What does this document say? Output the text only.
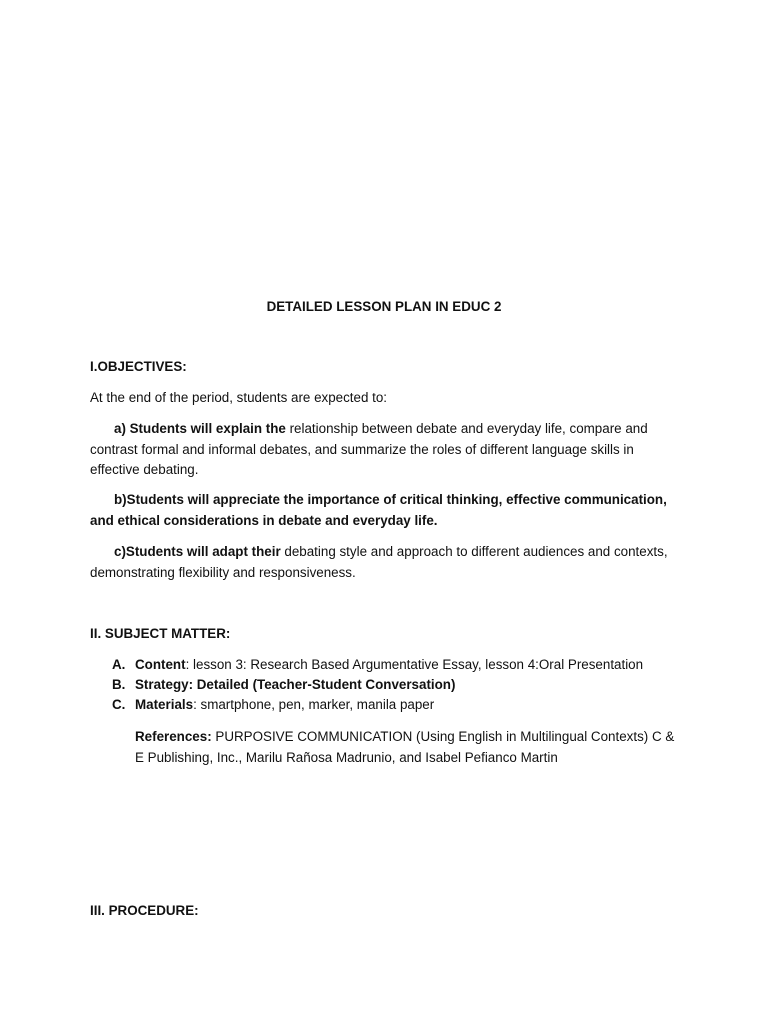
DETAILED LESSON PLAN IN EDUC 2
I.OBJECTIVES:
At the end of the period, students are expected to:
a) Students will explain the relationship between debate and everyday life, compare and contrast formal and informal debates, and summarize the roles of different language skills in effective debating.
b)Students will appreciate the importance of critical thinking, effective communication, and ethical considerations in debate and everyday life.
c)Students will adapt their debating style and approach to different audiences and contexts, demonstrating flexibility and responsiveness.
II. SUBJECT MATTER:
A. Content: lesson 3: Research Based Argumentative Essay, lesson 4:Oral Presentation
B. Strategy: Detailed (Teacher-Student Conversation)
C. Materials: smartphone, pen, marker, manila paper
References: PURPOSIVE COMMUNICATION (Using English in Multilingual Contexts) C & E Publishing, Inc., Marilu Rañosa Madrunio, and Isabel Pefianco Martin
III. PROCEDURE:
